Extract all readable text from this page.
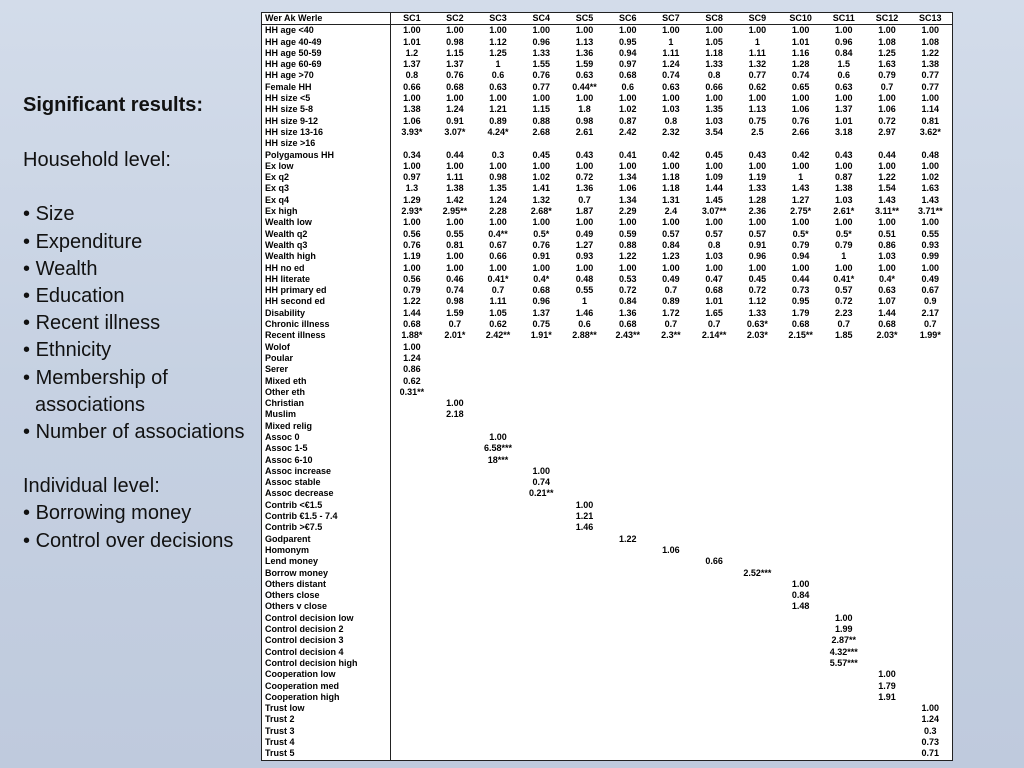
Significant results:
Household level:
• Size
• Expenditure
• Wealth
• Education
• Recent illness
• Ethnicity
• Membership of associations
• Number of associations
Individual level:
• Borrowing money
• Control over decisions
Wer Ak Werle	SC1	SC2	SC3	SC4	SC5	SC6	SC7	SC8	SC9	SC10	SC11	SC12	SC13
HH age <40	1.00	1.00	1.00	1.00	1.00	1.00	1.00	1.00	1.00	1.00	1.00	1.00	1.00
HH age 40-49	1.01	0.98	1.12	0.96	1.13	0.95	1	1.05	1	1.01	0.96	1.08	1.08
HH age 50-59	1.2	1.15	1.25	1.33	1.36	0.94	1.11	1.18	1.11	1.16	0.84	1.25	1.22
HH age 60-69	1.37	1.37	1	1.55	1.59	0.97	1.24	1.33	1.32	1.28	1.5	1.63	1.38
HH age >70	0.8	0.76	0.6	0.76	0.63	0.68	0.74	0.8	0.77	0.74	0.6	0.79	0.77
Female HH	0.66	0.68	0.63	0.77	0.44**	0.6	0.63	0.66	0.62	0.65	0.63	0.7	0.77
HH size <5	1.00	1.00	1.00	1.00	1.00	1.00	1.00	1.00	1.00	1.00	1.00	1.00	1.00
HH size 5-8	1.38	1.24	1.21	1.15	1.8	1.02	1.03	1.35	1.13	1.06	1.37	1.06	1.14
HH size 9-12	1.06	0.91	0.89	0.88	0.98	0.87	0.8	1.03	0.75	0.76	1.01	0.72	0.81
HH size 13-16	3.93*	3.07*	4.24*	2.68	2.61	2.42	2.32	3.54	2.5	2.66	3.18	2.97	3.62*
HH size >16													
Polygamous HH	0.34	0.44	0.3	0.45	0.43	0.41	0.42	0.45	0.43	0.42	0.43	0.44	0.48
Ex low	1.00	1.00	1.00	1.00	1.00	1.00	1.00	1.00	1.00	1.00	1.00	1.00	1.00
Ex q2	0.97	1.11	0.98	1.02	0.72	1.34	1.18	1.09	1.19	1	0.87	1.22	1.02
Ex q3	1.3	1.38	1.35	1.41	1.36	1.06	1.18	1.44	1.33	1.43	1.38	1.54	1.63
Ex q4	1.29	1.42	1.24	1.32	0.7	1.34	1.31	1.45	1.28	1.27	1.03	1.43	1.43
Ex high	2.93*	2.95**	2.28	2.68*	1.87	2.29	2.4	3.07**	2.36	2.75*	2.61*	3.11**	3.71**
Wealth low	1.00	1.00	1.00	1.00	1.00	1.00	1.00	1.00	1.00	1.00	1.00	1.00	1.00
Wealth q2	0.56	0.55	0.4**	0.5*	0.49	0.59	0.57	0.57	0.57	0.5*	0.5*	0.51	0.55
Wealth q3	0.76	0.81	0.67	0.76	1.27	0.88	0.84	0.8	0.91	0.79	0.79	0.86	0.93
Wealth high	1.19	1.00	0.66	0.91	0.93	1.22	1.23	1.03	0.96	0.94	1	1.03	0.99
HH no ed	1.00	1.00	1.00	1.00	1.00	1.00	1.00	1.00	1.00	1.00	1.00	1.00	1.00
HH literate	0.56	0.46	0.41*	0.4*	0.48	0.53	0.49	0.47	0.45	0.44	0.41*	0.4*	0.49
HH primary ed	0.79	0.74	0.7	0.68	0.55	0.72	0.7	0.68	0.72	0.73	0.57	0.63	0.67
HH second ed	1.22	0.98	1.11	0.96	1	0.84	0.89	1.01	1.12	0.95	0.72	1.07	0.9
Disability	1.44	1.59	1.05	1.37	1.46	1.36	1.72	1.65	1.33	1.79	2.23	1.44	2.17
Chronic illness	0.68	0.7	0.62	0.75	0.6	0.68	0.7	0.7	0.63*	0.68	0.7	0.68	0.7
Recent illness	1.88*	2.01*	2.42**	1.91*	2.88**	2.43**	2.3**	2.14**	2.03*	2.15**	1.85	2.03*	1.99*
Wolof	1.00												
Poular	1.24												
Serer	0.86												
Mixed eth	0.62												
Other eth	0.31**												
Christian		1.00											
Muslim		2.18											
Mixed relig													
Assoc 0			1.00										
Assoc 1-5			6.58***										
Assoc 6-10			18***										
Assoc increase				1.00									
Assoc stable				0.74									
Assoc decrease				0.21**									
Contrib <€1.5					1.00								
Contrib €1.5 - 7.4					1.21								
Contrib >€7.5					1.46								
Godparent						1.22							
Homonym							1.06						
Lend money								0.66					
Borrow money									2.52***				
Others distant										1.00			
Others close										0.84			
Others v close										1.48			
Control decision low											1.00		
Control decision 2											1.99		
Control decision 3											2.87**		
Control decision 4											4.32***		
Control decision high											5.57***		
Cooperation low												1.00	
Cooperation med												1.79	
Cooperation high												1.91	
Trust low													1.00
Trust 2													1.24
Trust 3													0.3
Trust 4													0.73
Trust 5													0.71
